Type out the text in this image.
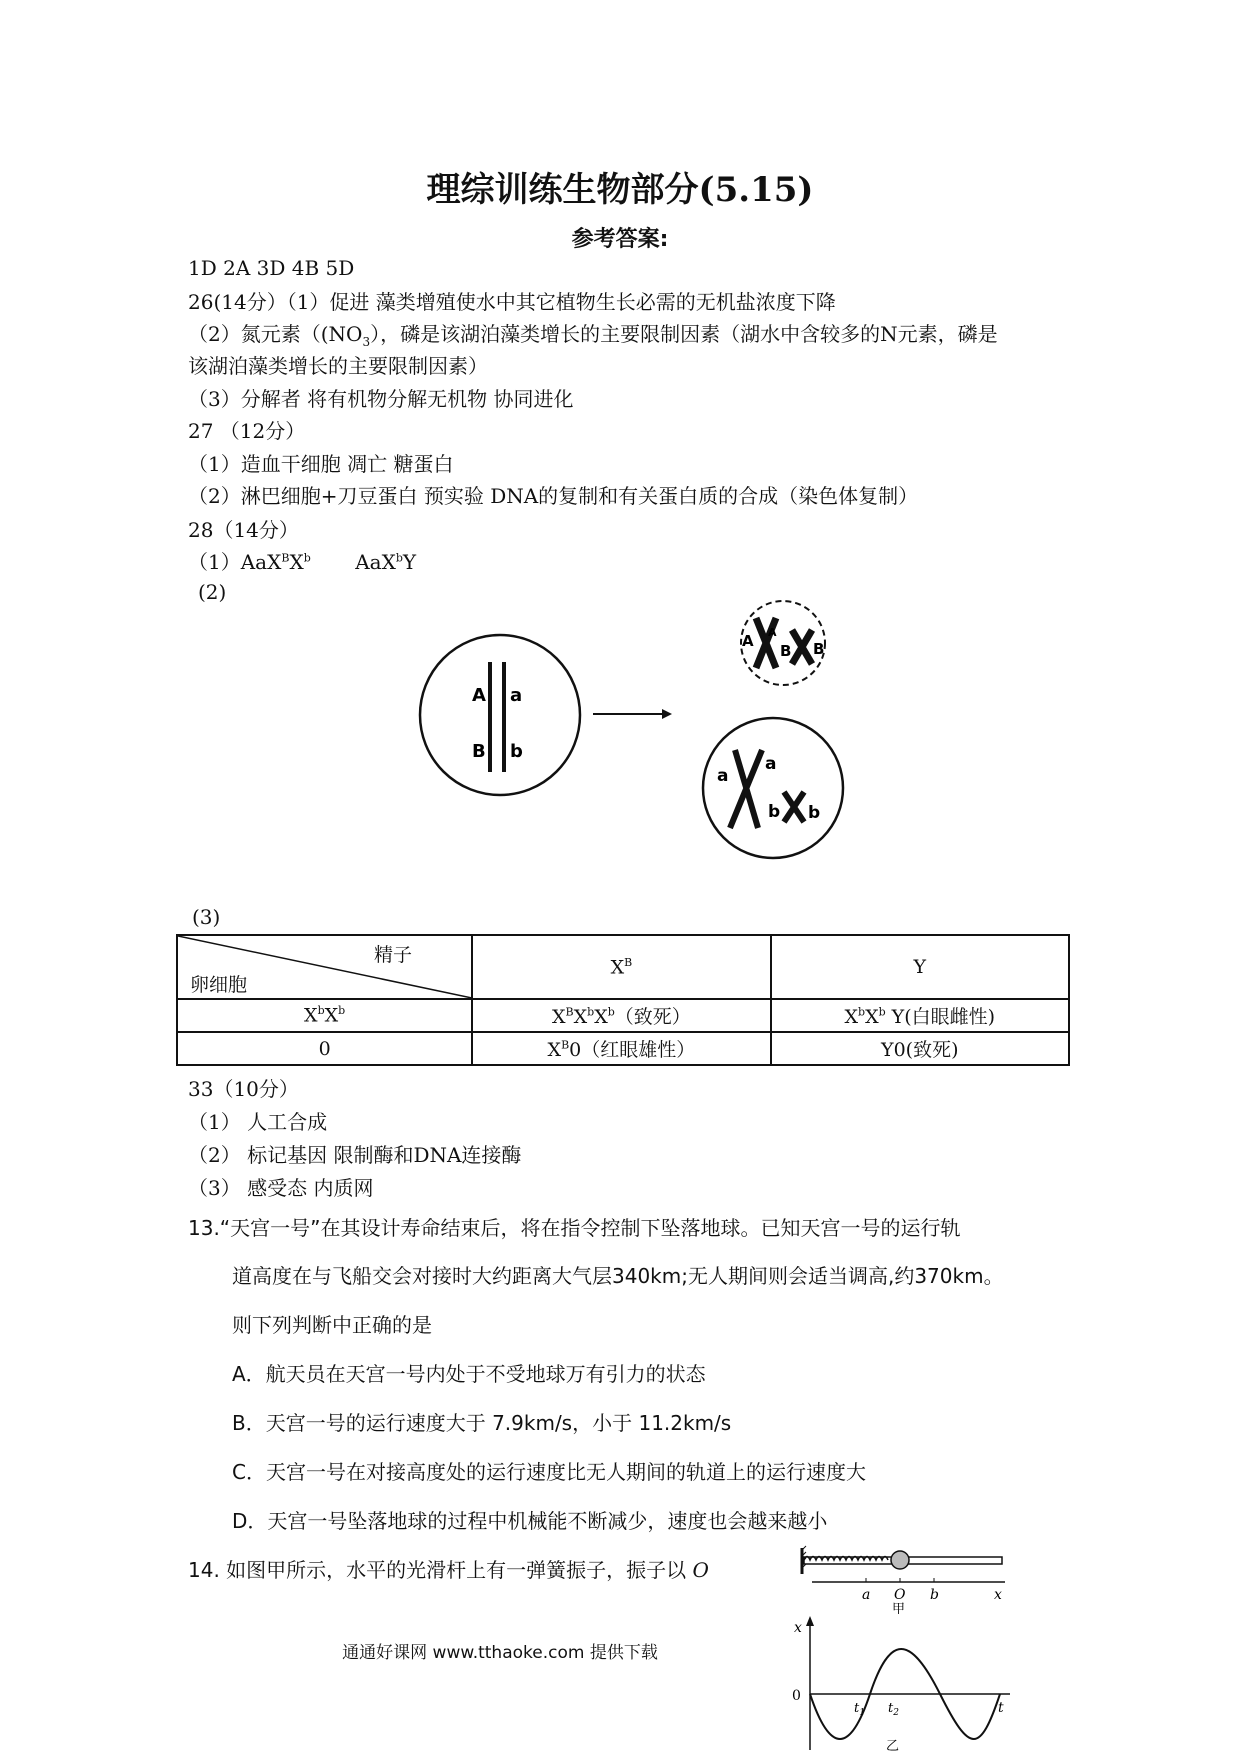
理综训练生物部分(5.15)
参考答案:
1D 2A 3D 4B 5D
26(14分）（1）促进 藻类增殖使水中其它植物生长必需的无机盐浓度下降
（2）氮元素（$(NO_3)$，磷是该湖泊藻类增长的主要限制因素（湖水中含较多的N元素，磷是
该湖泊藻类增长的主要限制因素）
（3）分解者 将有机物分解无机物 协同进化
27 （12分）
（1）造血干细胞 凋亡 糖蛋白
（2）淋巴细胞+刀豆蛋白 预实验 DNA的复制和有关蛋白质的合成（染色体复制）
28（14分）
$(1)AaX^BX^b$       AaX$^b$Y
(2)
A a
B b
A A
B B
a
a
b b
(3)
精子
卵细胞	$X^B$	Y
$X^bX^b$	$X^BX^bX^b$（致死）	$X^bX^b$ Y(白眼雌性)
0	$X^B0$（红眼雄性）	Y0(致死)
33（10分）
（1） 人工合成
（2） 标记基因 限制酶和DNA连接酶
（3） 感受态 内质网
13.“天宫一号”在其设计寿命结束后，将在指令控制下坠落地球。已知天宫一号的运行轨
道高度在与飞船交会对接时大约距离大气层340km;无人期间则会适当调高,约370km。
则下列判断中正确的是
A．航天员在天宫一号内处于不受地球万有引力的状态
B．天宫一号的运行速度大于 7.9km/s，小于 11.2km/s
C．天宫一号在对接高度处的运行速度比无人期间的轨道上的运行速度大
D．天宫一号坠落地球的过程中机械能不断减少，速度也会越来越小
14. 如图甲所示，水平的光滑杆上有一弹簧振子，振子以 O
a O b	x
甲
x
0
$t_1$ $t_2$	t
乙
通通好课网 www.tthaoke.com 提供下载
